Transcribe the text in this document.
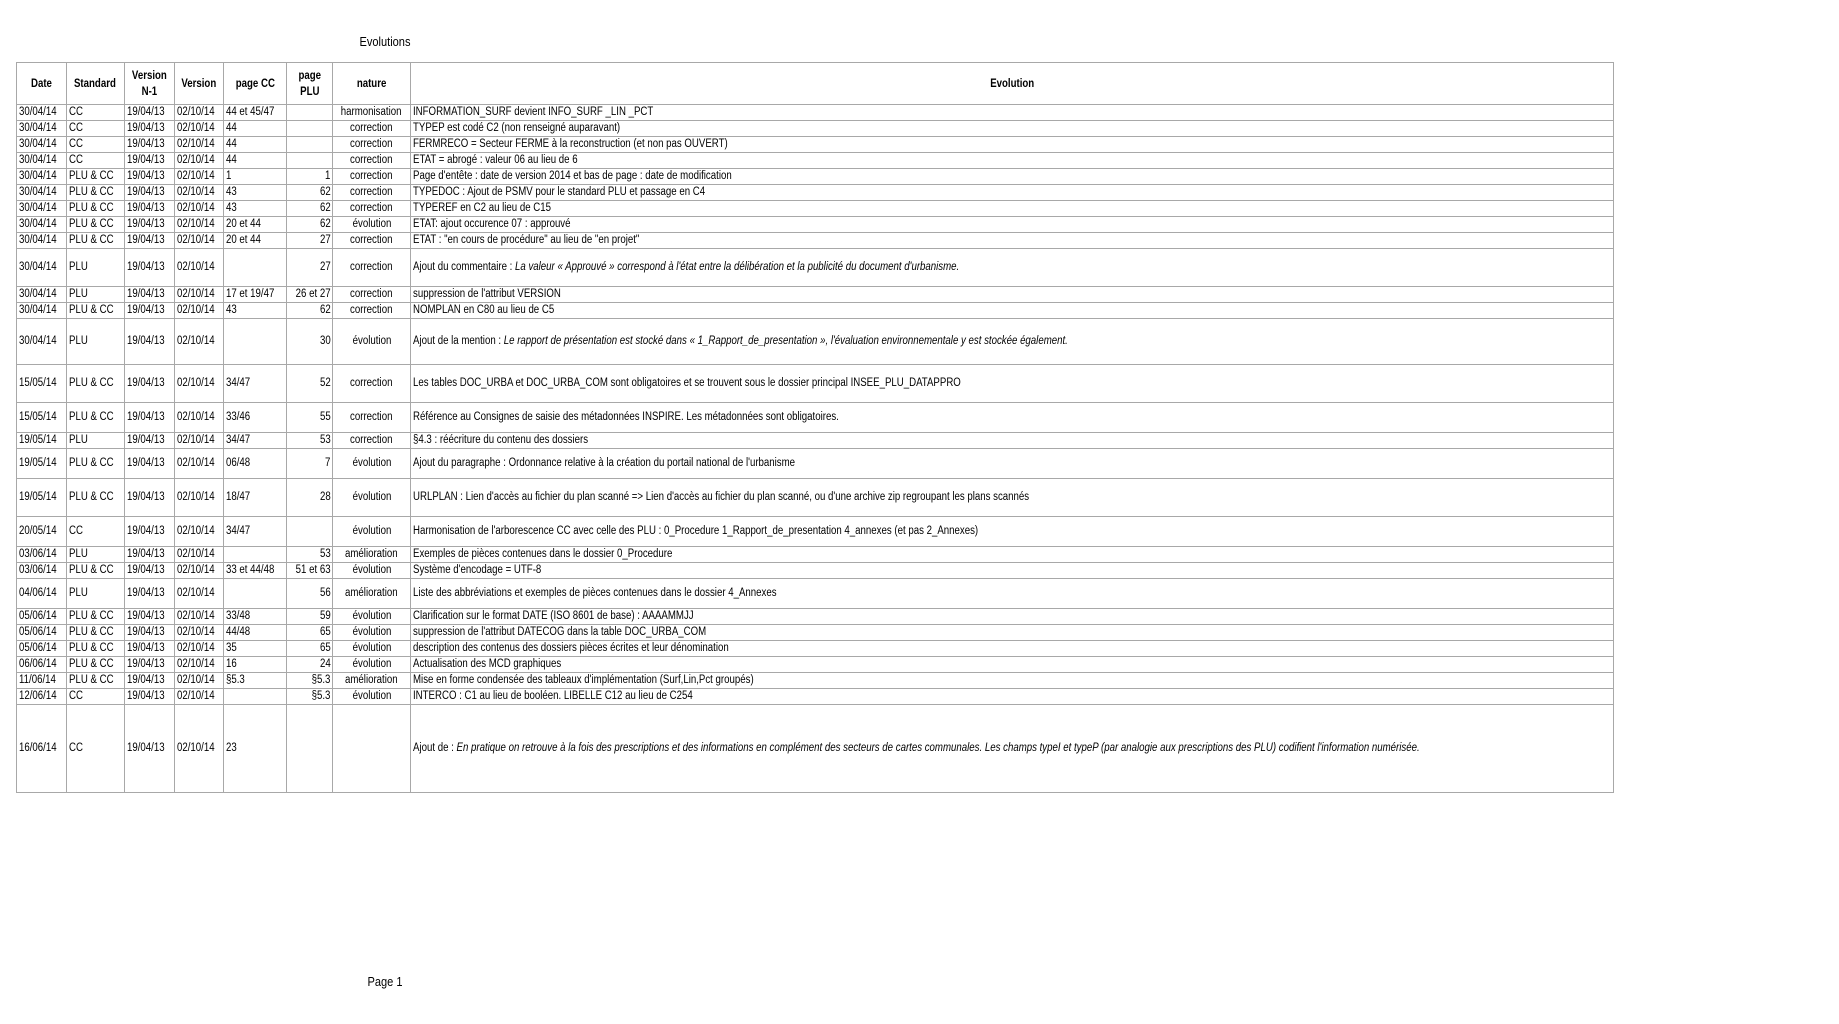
Evolutions
Date	Standard	Version N-1	Version	page CC	page PLU	nature	Evolution
30/04/14	CC	19/04/13	02/10/14	44 et 45/47		harmonisation	INFORMATION_SURF devient INFO_SURF _LIN _PCT
30/04/14	CC	19/04/13	02/10/14	44		correction	TYPEP est codé C2 (non renseigné auparavant)
30/04/14	CC	19/04/13	02/10/14	44		correction	FERMRECO = Secteur FERME à la reconstruction (et non pas OUVERT)
30/04/14	CC	19/04/13	02/10/14	44		correction	ETAT = abrogé : valeur 06 au lieu de 6
30/04/14	PLU & CC	19/04/13	02/10/14	1	1	correction	Page d'entête : date de version 2014 et bas de page : date de modification
30/04/14	PLU & CC	19/04/13	02/10/14	43	62	correction	TYPEDOC : Ajout de PSMV pour le standard PLU et passage en C4
30/04/14	PLU & CC	19/04/13	02/10/14	43	62	correction	TYPEREF en C2 au lieu de C15
30/04/14	PLU & CC	19/04/13	02/10/14	20 et 44	62	évolution	ETAT: ajout occurence 07 : approuvé
30/04/14	PLU & CC	19/04/13	02/10/14	20 et 44	27	correction	ETAT : "en cours de procédure" au lieu de "en projet"
30/04/14	PLU	19/04/13	02/10/14		27	correction	Ajout du commentaire : La valeur « Approuvé » correspond à l'état entre la délibération et la publicité du document d'urbanisme.
30/04/14	PLU	19/04/13	02/10/14	17 et 19/47	26 et 27	correction	suppression de l'attribut VERSION
30/04/14	PLU & CC	19/04/13	02/10/14	43	62	correction	NOMPLAN en C80 au lieu de C5
30/04/14	PLU	19/04/13	02/10/14		30	évolution	Ajout de la mention : Le rapport de présentation est stocké dans « 1_Rapport_de_presentation », l'évaluation environnementale y est stockée également.
15/05/14	PLU & CC	19/04/13	02/10/14	34/47	52	correction	Les tables DOC_URBA et DOC_URBA_COM sont obligatoires et se trouvent sous le dossier principal INSEE_PLU_DATAPPRO
15/05/14	PLU & CC	19/04/13	02/10/14	33/46	55	correction	Référence au Consignes de saisie des métadonnées INSPIRE. Les métadonnées sont obligatoires.
19/05/14	PLU	19/04/13	02/10/14	34/47	53	correction	§4.3 : réécriture du contenu des dossiers
19/05/14	PLU & CC	19/04/13	02/10/14	06/48	7	évolution	Ajout du paragraphe : Ordonnance relative à la création du portail national de l'urbanisme
19/05/14	PLU & CC	19/04/13	02/10/14	18/47	28	évolution	URLPLAN : Lien d'accès au fichier du plan scanné => Lien d'accès au fichier du plan scanné, ou d'une archive zip regroupant les plans scannés
20/05/14	CC	19/04/13	02/10/14	34/47		évolution	Harmonisation de l'arborescence CC avec celle des PLU : 0_Procedure 1_Rapport_de_presentation 4_annexes (et pas 2_Annexes)
03/06/14	PLU	19/04/13	02/10/14		53	amélioration	Exemples de pièces contenues dans le dossier 0_Procedure
03/06/14	PLU & CC	19/04/13	02/10/14	33 et 44/48	51 et 63	évolution	Système d'encodage = UTF-8
04/06/14	PLU	19/04/13	02/10/14		56	amélioration	Liste des abbréviations et exemples de pièces contenues dans le dossier 4_Annexes
05/06/14	PLU & CC	19/04/13	02/10/14	33/48	59	évolution	Clarification sur le format DATE (ISO 8601 de base) : AAAAMMJJ
05/06/14	PLU & CC	19/04/13	02/10/14	44/48	65	évolution	suppression de l'attribut DATECOG dans la table DOC_URBA_COM
05/06/14	PLU & CC	19/04/13	02/10/14	35	65	évolution	description des contenus des dossiers pièces écrites et leur dénomination
06/06/14	PLU & CC	19/04/13	02/10/14	16	24	évolution	Actualisation des MCD graphiques
11/06/14	PLU & CC	19/04/13	02/10/14	§5.3	§5.3	amélioration	Mise en forme condensée des tableaux d'implémentation (Surf,Lin,Pct groupés)
12/06/14	CC	19/04/13	02/10/14		§5.3	évolution	INTERCO : C1 au lieu de booléen. LIBELLE C12 au lieu de C254
16/06/14	CC	19/04/13	02/10/14	23			Ajout de : En pratique on retrouve à la fois des prescriptions et des informations en complément des secteurs de cartes communales. Les champs typeI et typeP (par analogie aux prescriptions des PLU) codifient l'information numérisée.
Page 1
